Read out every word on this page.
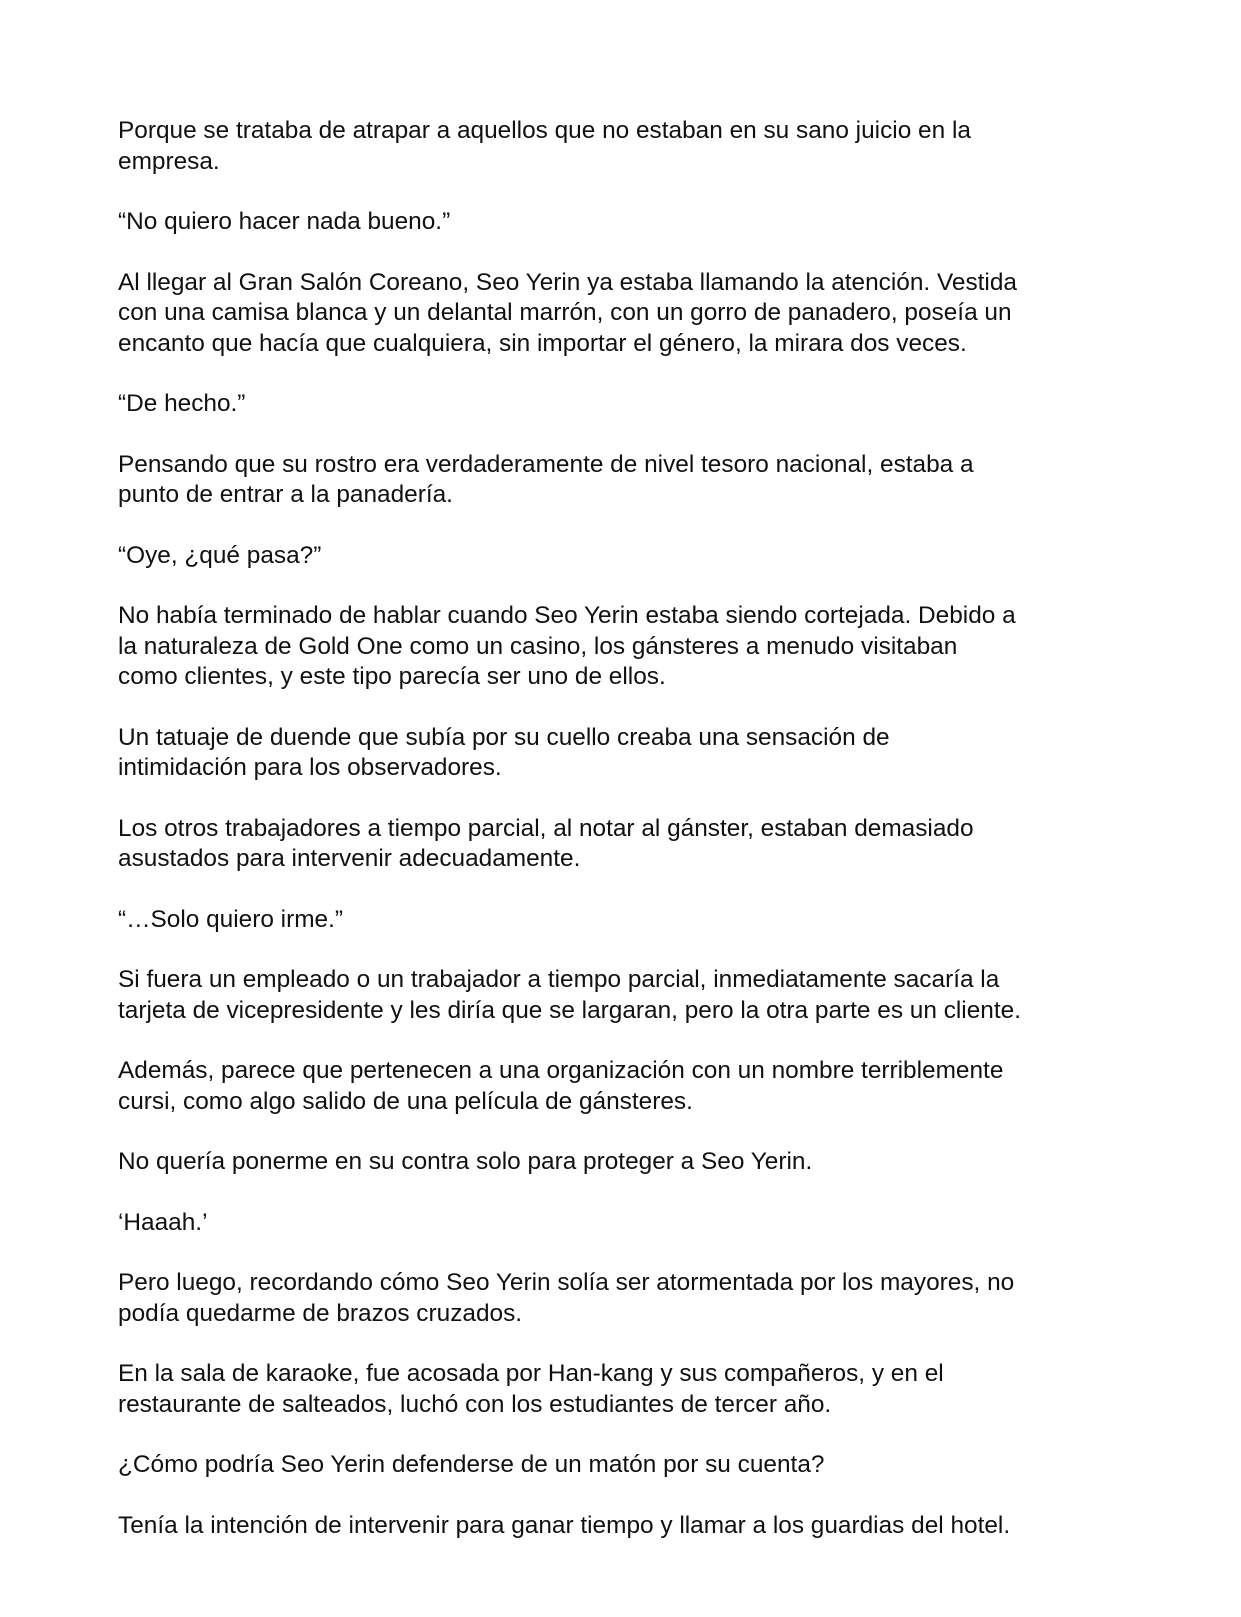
Porque se trataba de atrapar a aquellos que no estaban en su sano juicio en la
empresa.

“No quiero hacer nada bueno.”

Al llegar al Gran Salón Coreano, Seo Yerin ya estaba llamando la atención. Vestida
con una camisa blanca y un delantal marrón, con un gorro de panadero, poseía un
encanto que hacía que cualquiera, sin importar el género, la mirara dos veces.

“De hecho.”

Pensando que su rostro era verdaderamente de nivel tesoro nacional, estaba a
punto de entrar a la panadería.

“Oye, ¿qué pasa?”

No había terminado de hablar cuando Seo Yerin estaba siendo cortejada. Debido a
la naturaleza de Gold One como un casino, los gánsteres a menudo visitaban
como clientes, y este tipo parecía ser uno de ellos.

Un tatuaje de duende que subía por su cuello creaba una sensación de
intimidación para los observadores.

Los otros trabajadores a tiempo parcial, al notar al gánster, estaban demasiado
asustados para intervenir adecuadamente.

“…Solo quiero irme.”

Si fuera un empleado o un trabajador a tiempo parcial, inmediatamente sacaría la
tarjeta de vicepresidente y les diría que se largaran, pero la otra parte es un cliente.

Además, parece que pertenecen a una organización con un nombre terriblemente
cursi, como algo salido de una película de gánsteres.

No quería ponerme en su contra solo para proteger a Seo Yerin.

‘Haaah.’

Pero luego, recordando cómo Seo Yerin solía ser atormentada por los mayores, no
podía quedarme de brazos cruzados.

En la sala de karaoke, fue acosada por Han-kang y sus compañeros, y en el
restaurante de salteados, luchó con los estudiantes de tercer año.

¿Cómo podría Seo Yerin defenderse de un matón por su cuenta?

Tenía la intención de intervenir para ganar tiempo y llamar a los guardias del hotel.
